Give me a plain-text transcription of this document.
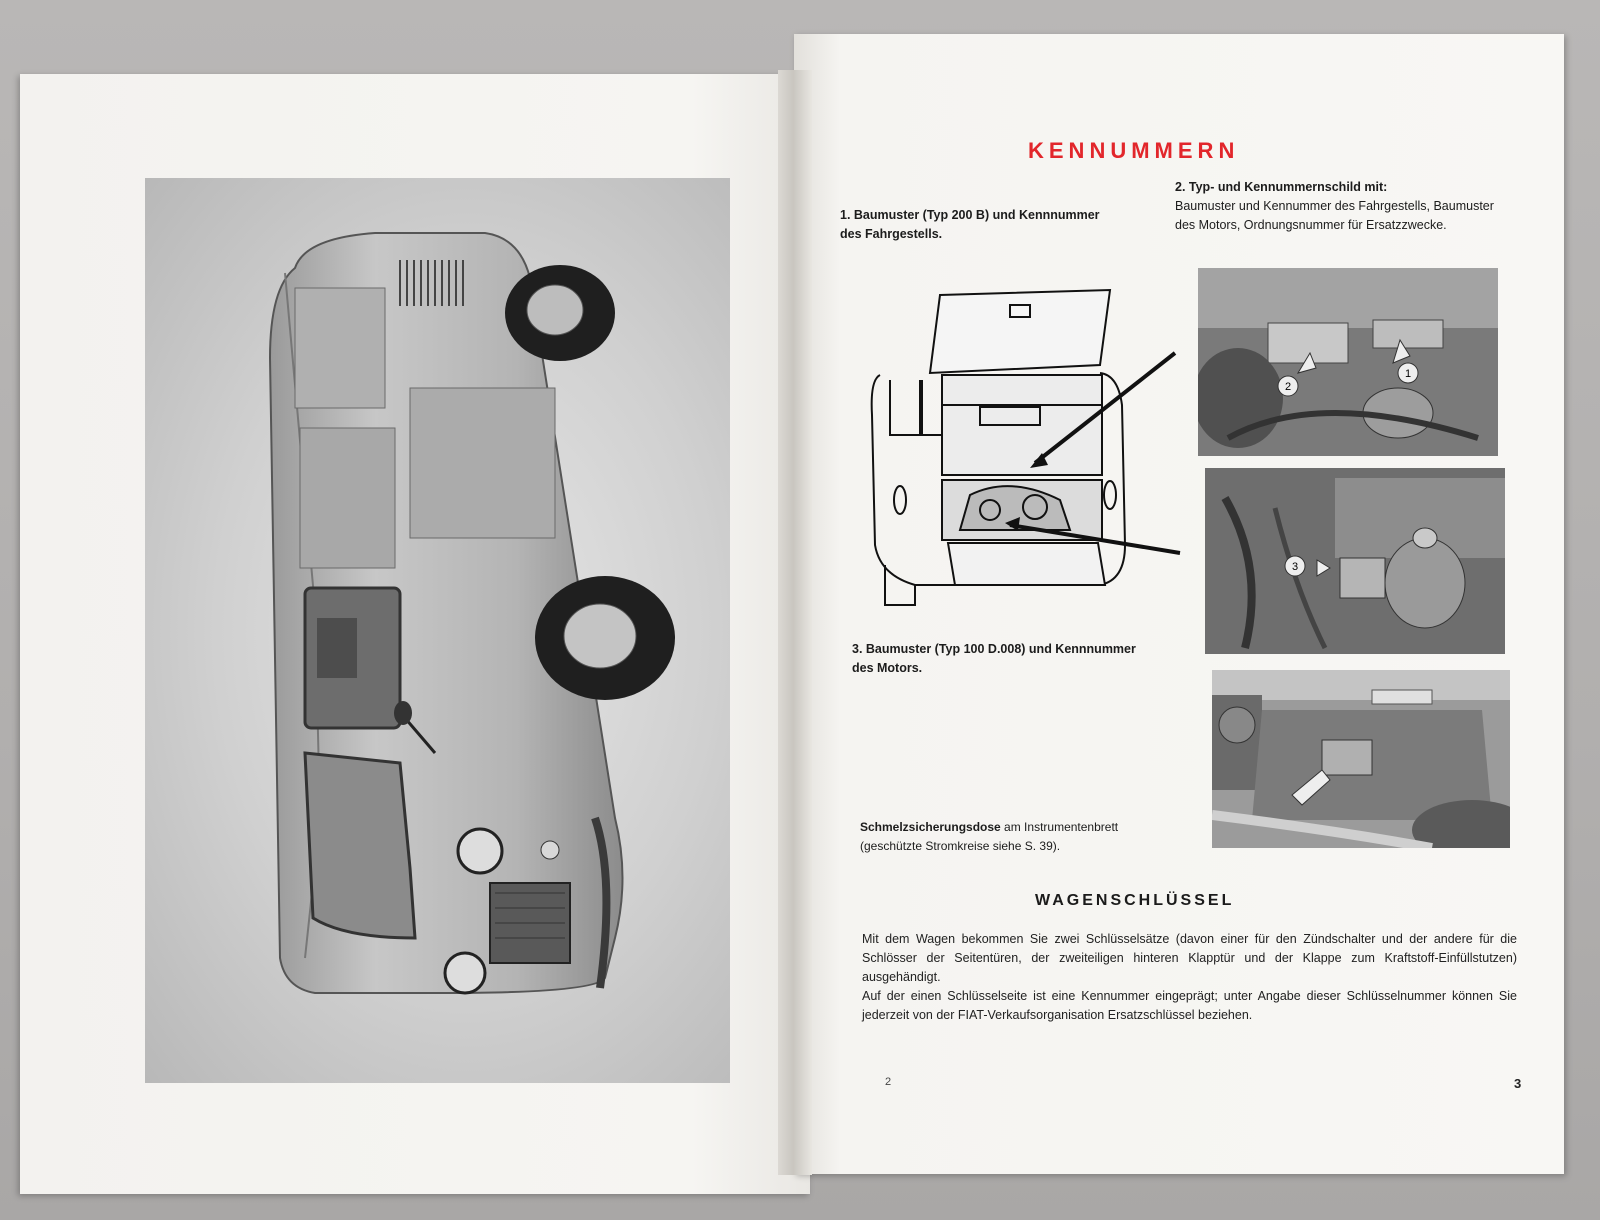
2
KENNUMMERN
1. Baumuster (Typ 200 B) und Kennnummer des Fahrgestells.
2. Typ- und Kennummernschild mit:
Baumuster und Kennummer des Fahrgestells, Baumuster des Motors, Ordnungsnummer für Ersatzzwecke.
2
1
3
3. Baumuster (Typ 100 D.008) und Kennnummer des Motors.
Schmelzsicherungsdose am Instrumentenbrett (geschützte Stromkreise siehe S. 39).
WAGENSCHLÜSSEL

Mit dem Wagen bekommen Sie zwei Schlüsselsätze (davon einer für den Zündschalter und der andere für die Schlösser der Seitentüren, der zweiteiligen hinteren Klapptür und der Klappe zum Kraftstoff-Einfüllstutzen) ausgehändigt.

Auf der einen Schlüsselseite ist eine Kennummer eingeprägt; unter Angabe dieser Schlüsselnummer können Sie jederzeit von der FIAT-Verkaufsorganisation Ersatzschlüssel beziehen.

3
